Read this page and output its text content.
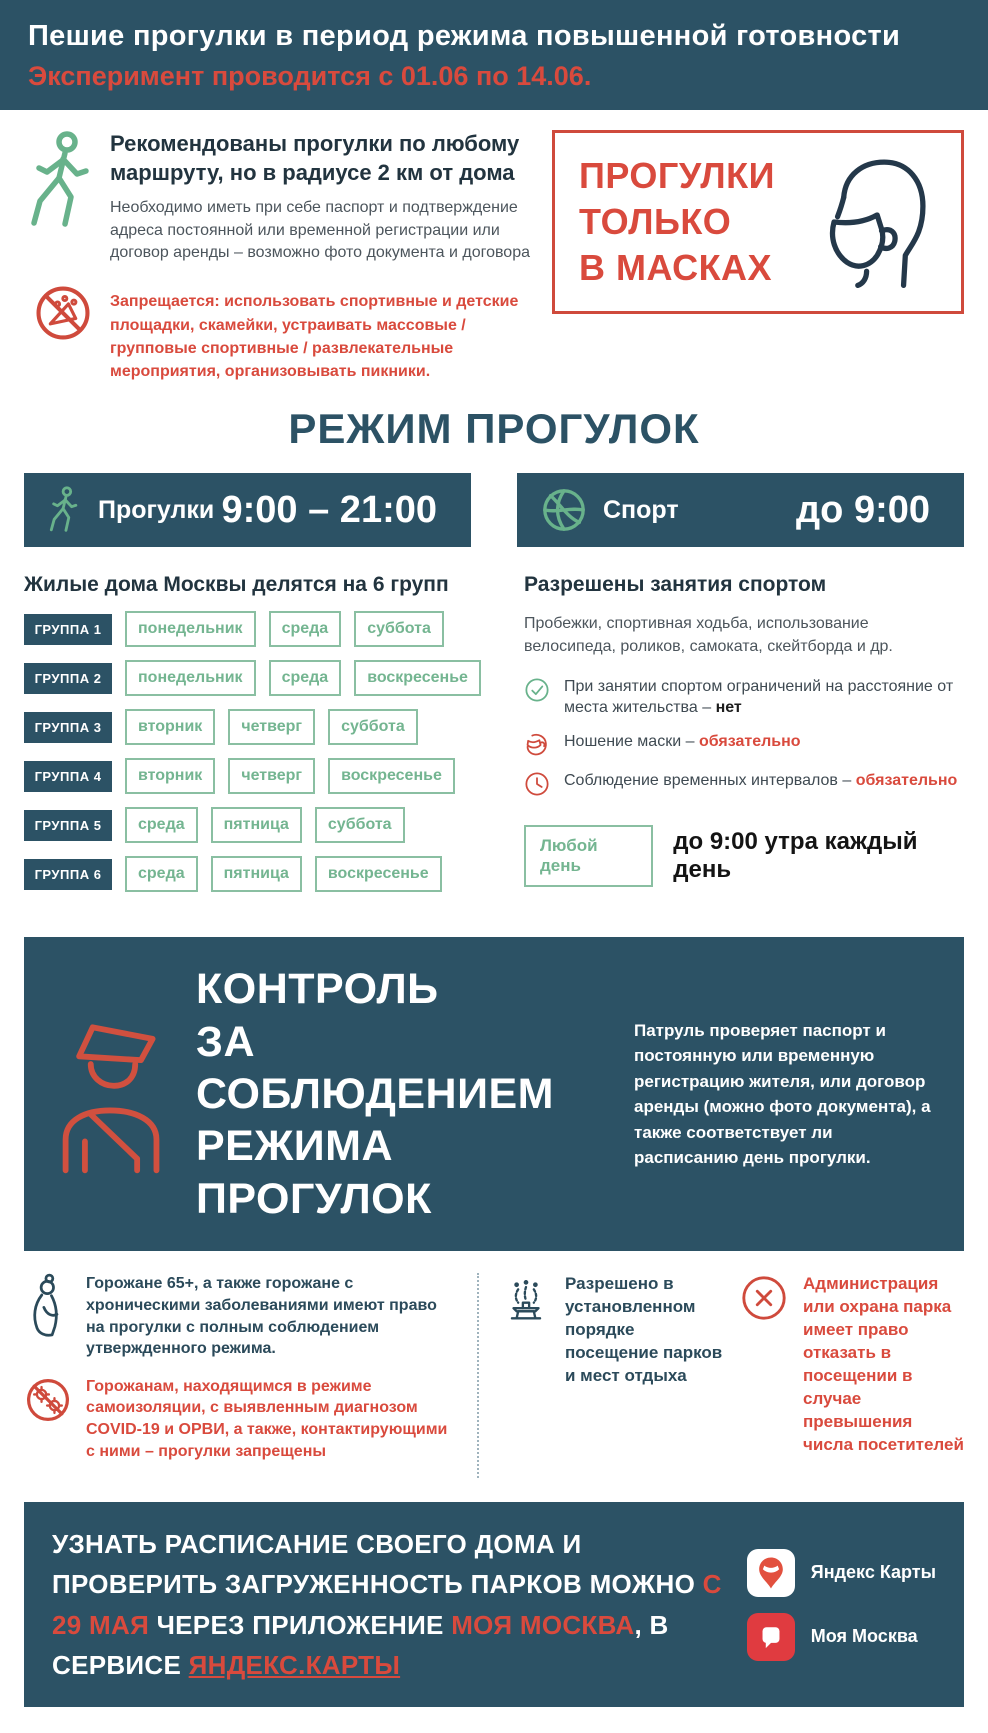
Пешие прогулки в период режима повышенной готовности
Эксперимент проводится с 01.06 по 14.06.
Рекомендованы прогулки по любому маршруту, но в радиусе 2 км от дома
Необходимо иметь при себе паспорт и подтверждение адреса постоянной или временной регистрации или договор аренды – возможно фото документа и договора
Запрещается: использовать спортивные и детские площадки, скамейки, устраивать массовые / групповые спортивные / развлекательные мероприятия, организовывать пикники.
ПРОГУЛКИ
ТОЛЬКО
В МАСКАХ
РЕЖИМ ПРОГУЛОК
Прогулки 9:00 – 21:00	Спорт	до 9:00
Жилые дома Москвы делятся на 6 групп
ГРУППА 1	понедельник	среда	суббота
ГРУППА 2	понедельник	среда	воскресенье
ГРУППА 3	вторник	четверг	суббота
ГРУППА 4	вторник	четверг	воскресенье
ГРУППА 5	среда	пятница	суббота
ГРУППА 6	среда	пятница	воскресенье
Разрешены занятия спортом
Пробежки, спортивная ходьба, использование велосипеда, роликов, самоката, скейтборда и др.
При занятии спортом ограничений на расстояние от места жительства – нет
Ношение маски – обязательно
Соблюдение временных интервалов – обязательно
Любой день
до 9:00 утра каждый день
КОНТРОЛЬ
ЗА СОБЛЮДЕНИЕМ
РЕЖИМА ПРОГУЛОК
Патруль проверяет паспорт и постоянную или временную регистрацию жителя, или договор аренды (можно фото документа), а также соответствует ли расписанию день прогулки.
Горожане 65+, а также горожане с хроническими заболеваниями имеют право на прогулки с полным соблюдением утвержденного режима.
Горожанам, находящимся в режиме самоизоляции, с выявленным диагнозом COVID-19 и ОРВИ, а также, контактирующими с ними – прогулки запрещены
Разрешено в установленном порядке посещение парков и мест отдыха
Администрация или охрана парка имеет право отказать в посещении в случае превышения числа посетителей
УЗНАТЬ РАСПИСАНИЕ СВОЕГО ДОМА И ПРОВЕРИТЬ ЗАГРУЖЕННОСТЬ ПАРКОВ МОЖНО С 29 МАЯ ЧЕРЕЗ ПРИЛОЖЕНИЕ МОЯ МОСКВА, В СЕРВИСЕ ЯНДЕКС.КАРТЫ
Яндекс Карты
Моя Москва
